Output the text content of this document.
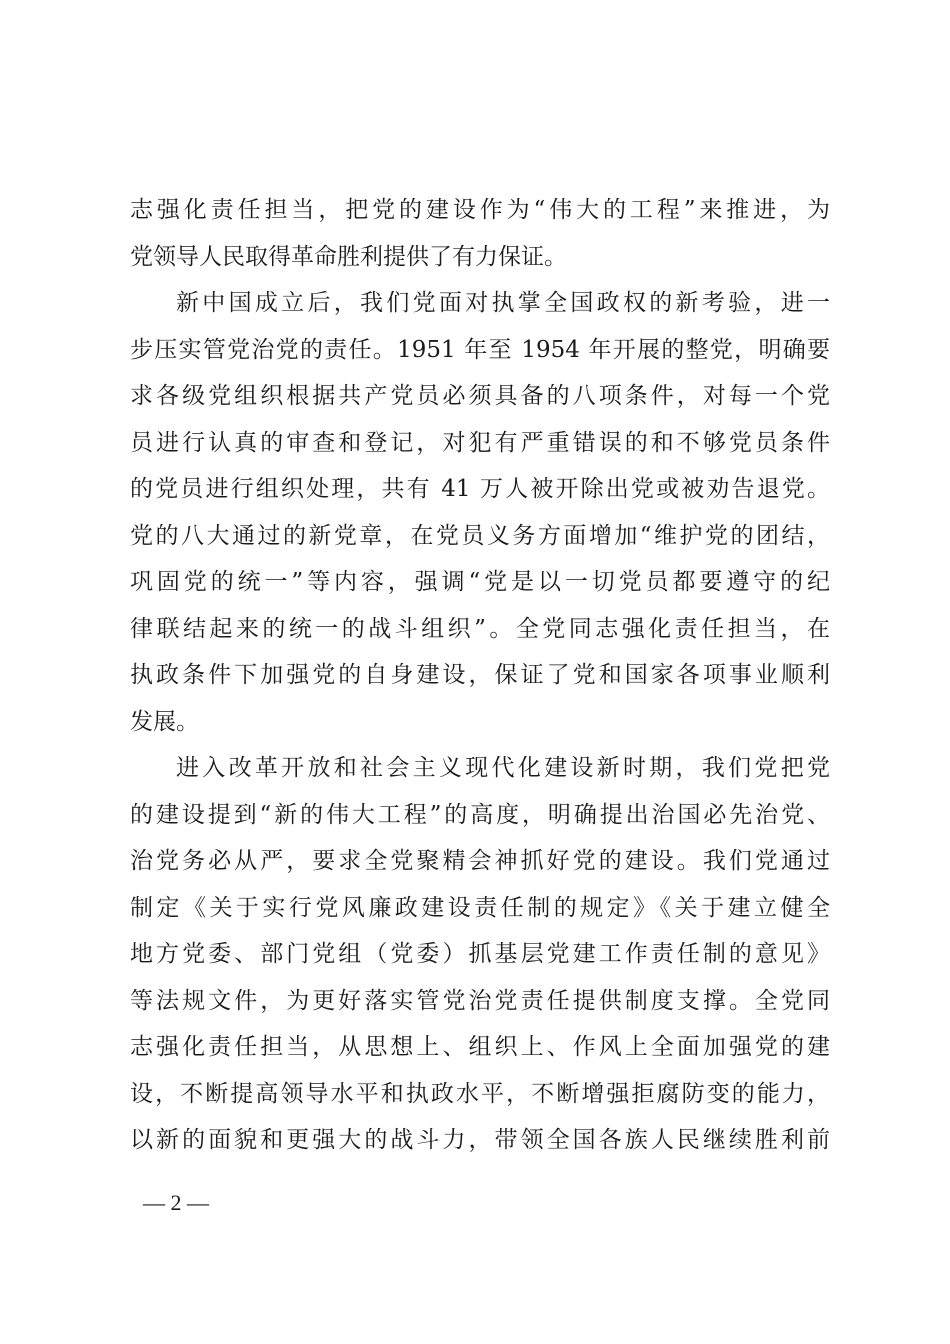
志强化责任担当，把党的建设作为“伟大的工程”来推进，为
党领导人民取得革命胜利提供了有力保证。
新中国成立后，我们党面对执掌全国政权的新考验，进一
步压实管党治党的责任。1951 年至 1954 年开展的整党，明确要
求各级党组织根据共产党员必须具备的八项条件，对每一个党
员进行认真的审查和登记，对犯有严重错误的和不够党员条件
的党员进行组织处理，共有 41 万人被开除出党或被劝告退党。
党的八大通过的新党章，在党员义务方面增加“维护党的团结，
巩固党的统一”等内容，强调“党是以一切党员都要遵守的纪
律联结起来的统一的战斗组织”。全党同志强化责任担当，在
执政条件下加强党的自身建设，保证了党和国家各项事业顺利
发展。
进入改革开放和社会主义现代化建设新时期，我们党把党
的建设提到“新的伟大工程”的高度，明确提出治国必先治党、
治党务必从严，要求全党聚精会神抓好党的建设。我们党通过
制定《关于实行党风廉政建设责任制的规定》《关于建立健全
地方党委、部门党组（党委）抓基层党建工作责任制的意见》
等法规文件，为更好落实管党治党责任提供制度支撑。全党同
志强化责任担当，从思想上、组织上、作风上全面加强党的建
设，不断提高领导水平和执政水平，不断增强拒腐防变的能力，
以新的面貌和更强大的战斗力，带领全国各族人民继续胜利前
— 2 —
